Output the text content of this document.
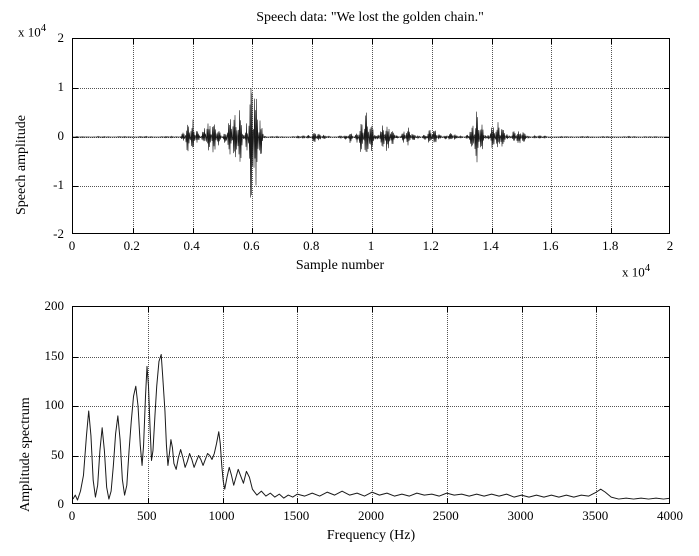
Speech data: "We lost the golden chain."
x $10^4$
Speech amplitude
2
1
0
-1
-2
0	0.2	0.4	0.6	0.8	1	1.2	1.4	1.6	1.8	2
Sample number	x $10^4$
Amplitude spectrum
200
150
100
50
0
0	500	1000	1500	2000	2500	3000	3500	4000
Frequency (Hz)
